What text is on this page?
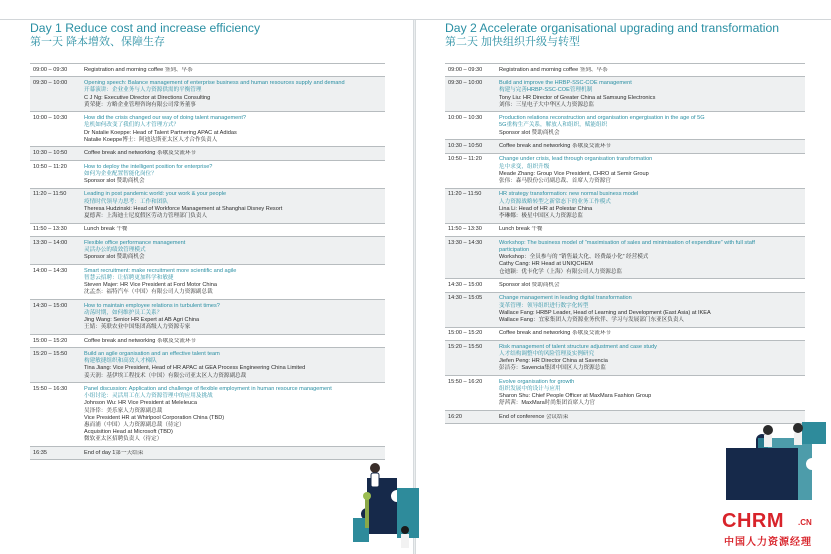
Day 1 Reduce cost and increase efficiency
第一天 降本增效、保障生存
09:00 – 09:30	Registration and morning coffee 签到、早茶
09:30 – 10:00	Opening speech: Balance management of enterprise business and human resources supply and demand
开幕演讲：企业业务与人力资源供需的平衡管理
C J Ng: Executive Director at Directions Consulting
黄荣捷：方略企业管理咨询有限公司常务董事
10:00 – 10:30	How did the crisis changed our way of doing talent management?
危机如何改变了我们的人才管理方式？
Dr Natalie Koeppe: Head of Talent Partnering APAC at Adidas
Natalie Koeppe博士：阿迪达斯亚太区人才合作负责人
10:30 – 10:50	Coffee break and networking 茶歇及交流环节
10:50 – 11:20	How to deploy the intelligent position for enterprise?
如何为企业配置智能化岗位？
Sponsor slot 赞助商机会
11:20 – 11:50	Leading in post pandemic world: your work & your people
疫情时代领导力思考：工作和团队
Theresa Hudzinski: Head of Workforce Management at Shanghai Disney Resort
夏德茜：上海迪士尼度假区劳动力管理部门负责人
11:50 – 13:30	Lunch break 午餐
13:30 – 14:00	Flexible office performance management
灵活办公的绩效管理模式
Sponsor slot 赞助商机会
14:00 – 14:30	Smart recruitment: make recruitment more scientific and agile
智慧云招聘：让招聘更加科学和敏捷
Steven Majer: HR Vice President at Ford Motor China
沈孟杰：福特汽车（中国）有限公司人力资源副总裁
14:30 – 15:00	How to maintain employee relations in turbulent times?
动荡时期，如何维护员工关系？
Jing Wang: Senior HR Expert at AB Agri China
王婧：英联农业中国集团高级人力资源专家
15:00 – 15:20	Coffee break and networking 茶歇及交流环节
15:20 – 15:50	Build an agile organisation and an effective talent team
构建敏捷组织和高效人才梯队
Tina Jiang: Vice President, Head of HR APAC at GEA Process Engineering China Limited
姜天润：基伊埃工程技术（中国）有限公司亚太区人力资源副总裁
15:50 – 16:30	Panel discussion: Application and challenge of flexible employment in human resource management
小组讨论：灵活用工在人力资源管理中的应用及挑战
Johnson Wu: HR Vice President at Meleleuca
吴泽倖：美乐家人力资源副总裁
Vice President HR at Whirlpool Corporation China (TBD)
惠而浦（中国）人力资源副总裁（待定）
Acquisition Head at Microsoft (TBD)
微软亚太区招聘负责人（待定）
16:35	End of day 1第一天结束
Day 2 Accelerate organisational upgrading and transformation
第二天 加快组织升级与转型
09:00 – 09:30	Registration and morning coffee 签到、早茶
09:30 – 10:00	Build and improve the HRBP-SSC-COE management
构建与完善HRBP-SSC-COE管理机制
Tony Liu: HR Director of Greater China at Samsung Electronics
刘伟：三星电子大中华区人力资源总监
10:00 – 10:30	Production relations reconstruction and organisation engergisation in the age of 5G
5G重构生产关系，解放人和组织，赋能组织
Sponsor slot 赞助商机会
10:30 – 10:50	Coffee break and networking 茶歇及交流环节
10:50 – 11:20	Change under crisis, lead through organisation transformation
危中求变，组织升级
Meade Zhang: Group Vice President, CHRO at Semir Group
张伟：森马股份公司副总裁、首席人力资源官
11:20 – 11:50	HR strategy transformation: new normal business model
人力资源战略转型之新常态下的业务工作模式
Lina Li: Head of HR at Polestar China
李琳娜：极星中国区人力资源总监
11:50 – 13:30	Lunch break 午餐
13:30 – 14:30	Workshop: The business model of “maximisation of sales and minimisation of expenditure” with full staff
participation
Workshop：全员参与的 “销售最大化、经费最小化” 经营模式
Cathy Cang: HR Head at UNIQCHEM
仓迪颖：优卡化学（上海）有限公司人力资源总监
14:30 – 15:00	Sponsor slot 赞助商机会
14:30 – 15:05	Change management in leading digital transformation
变革管理：领导组织进行数字化转型
Wallace Fang: HRBP Leader, Head of Learning and Development (East Asia) at IKEA
Wallace Fang：宜家集团人力资源业务伙伴、学习与发展部门东亚区负责人
15:00 – 15:20	Coffee break and networking 茶歇及交流环节
15:20 – 15:50	Risk management of talent structure adjustment and case study
人才结构调整中的风险管理及实例研究
Jiefen Peng: HR Director China at Savencia
彭洁芬：Savencia集团中国区人力资源总监
15:50 – 16:20	Evolve organisation for growth
组织发展中的设计与应用
Sharon Shu: Chief People Officer at MaxMara Fashion Group
舒茜茜：MaxMara时尚集团首席人力官
16:20	End of conference 会议结束
CHRM .CN
中国人力资源经理
